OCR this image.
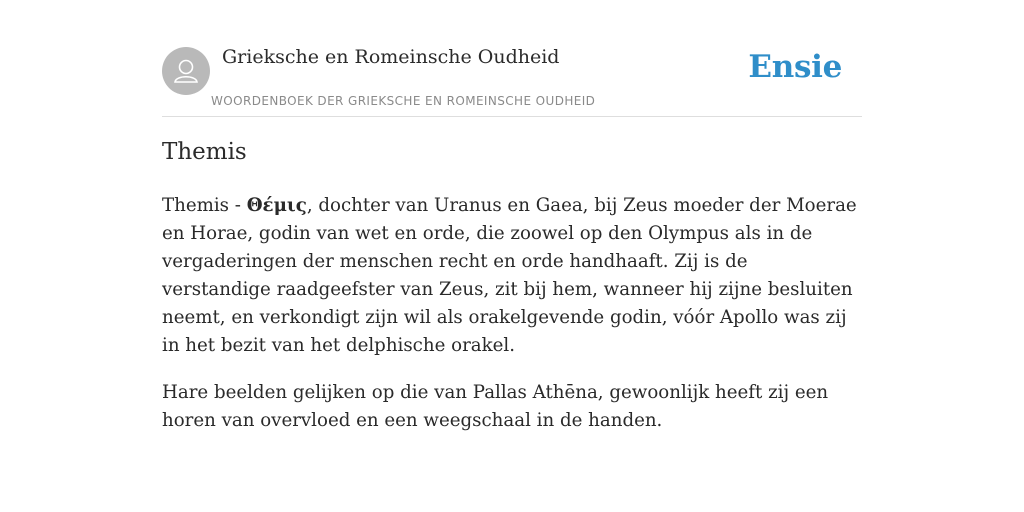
Grieksche en Romeinsche Oudheid
WOORDENBOEK DER GRIEKSCHE EN ROMEINSCHE OUDHEID
Ensie
Themis

Themis - Θέμις, dochter van Uranus en Gaea, bij Zeus moeder der Moerae en Horae, godin van wet en orde, die zoowel op den Olympus als in de vergaderingen der menschen recht en orde handhaaft. Zij is de verstandige raadgeefster van Zeus, zit bij hem, wanneer hij zijne besluiten neemt, en verkondigt zijn wil als orakelgevende godin, vóór Apollo was zij in het bezit van het delphische orakel.

Hare beelden gelijken op die van Pallas Athēna, gewoonlijk heeft zij een horen van overvloed en een weegschaal in de handen.
